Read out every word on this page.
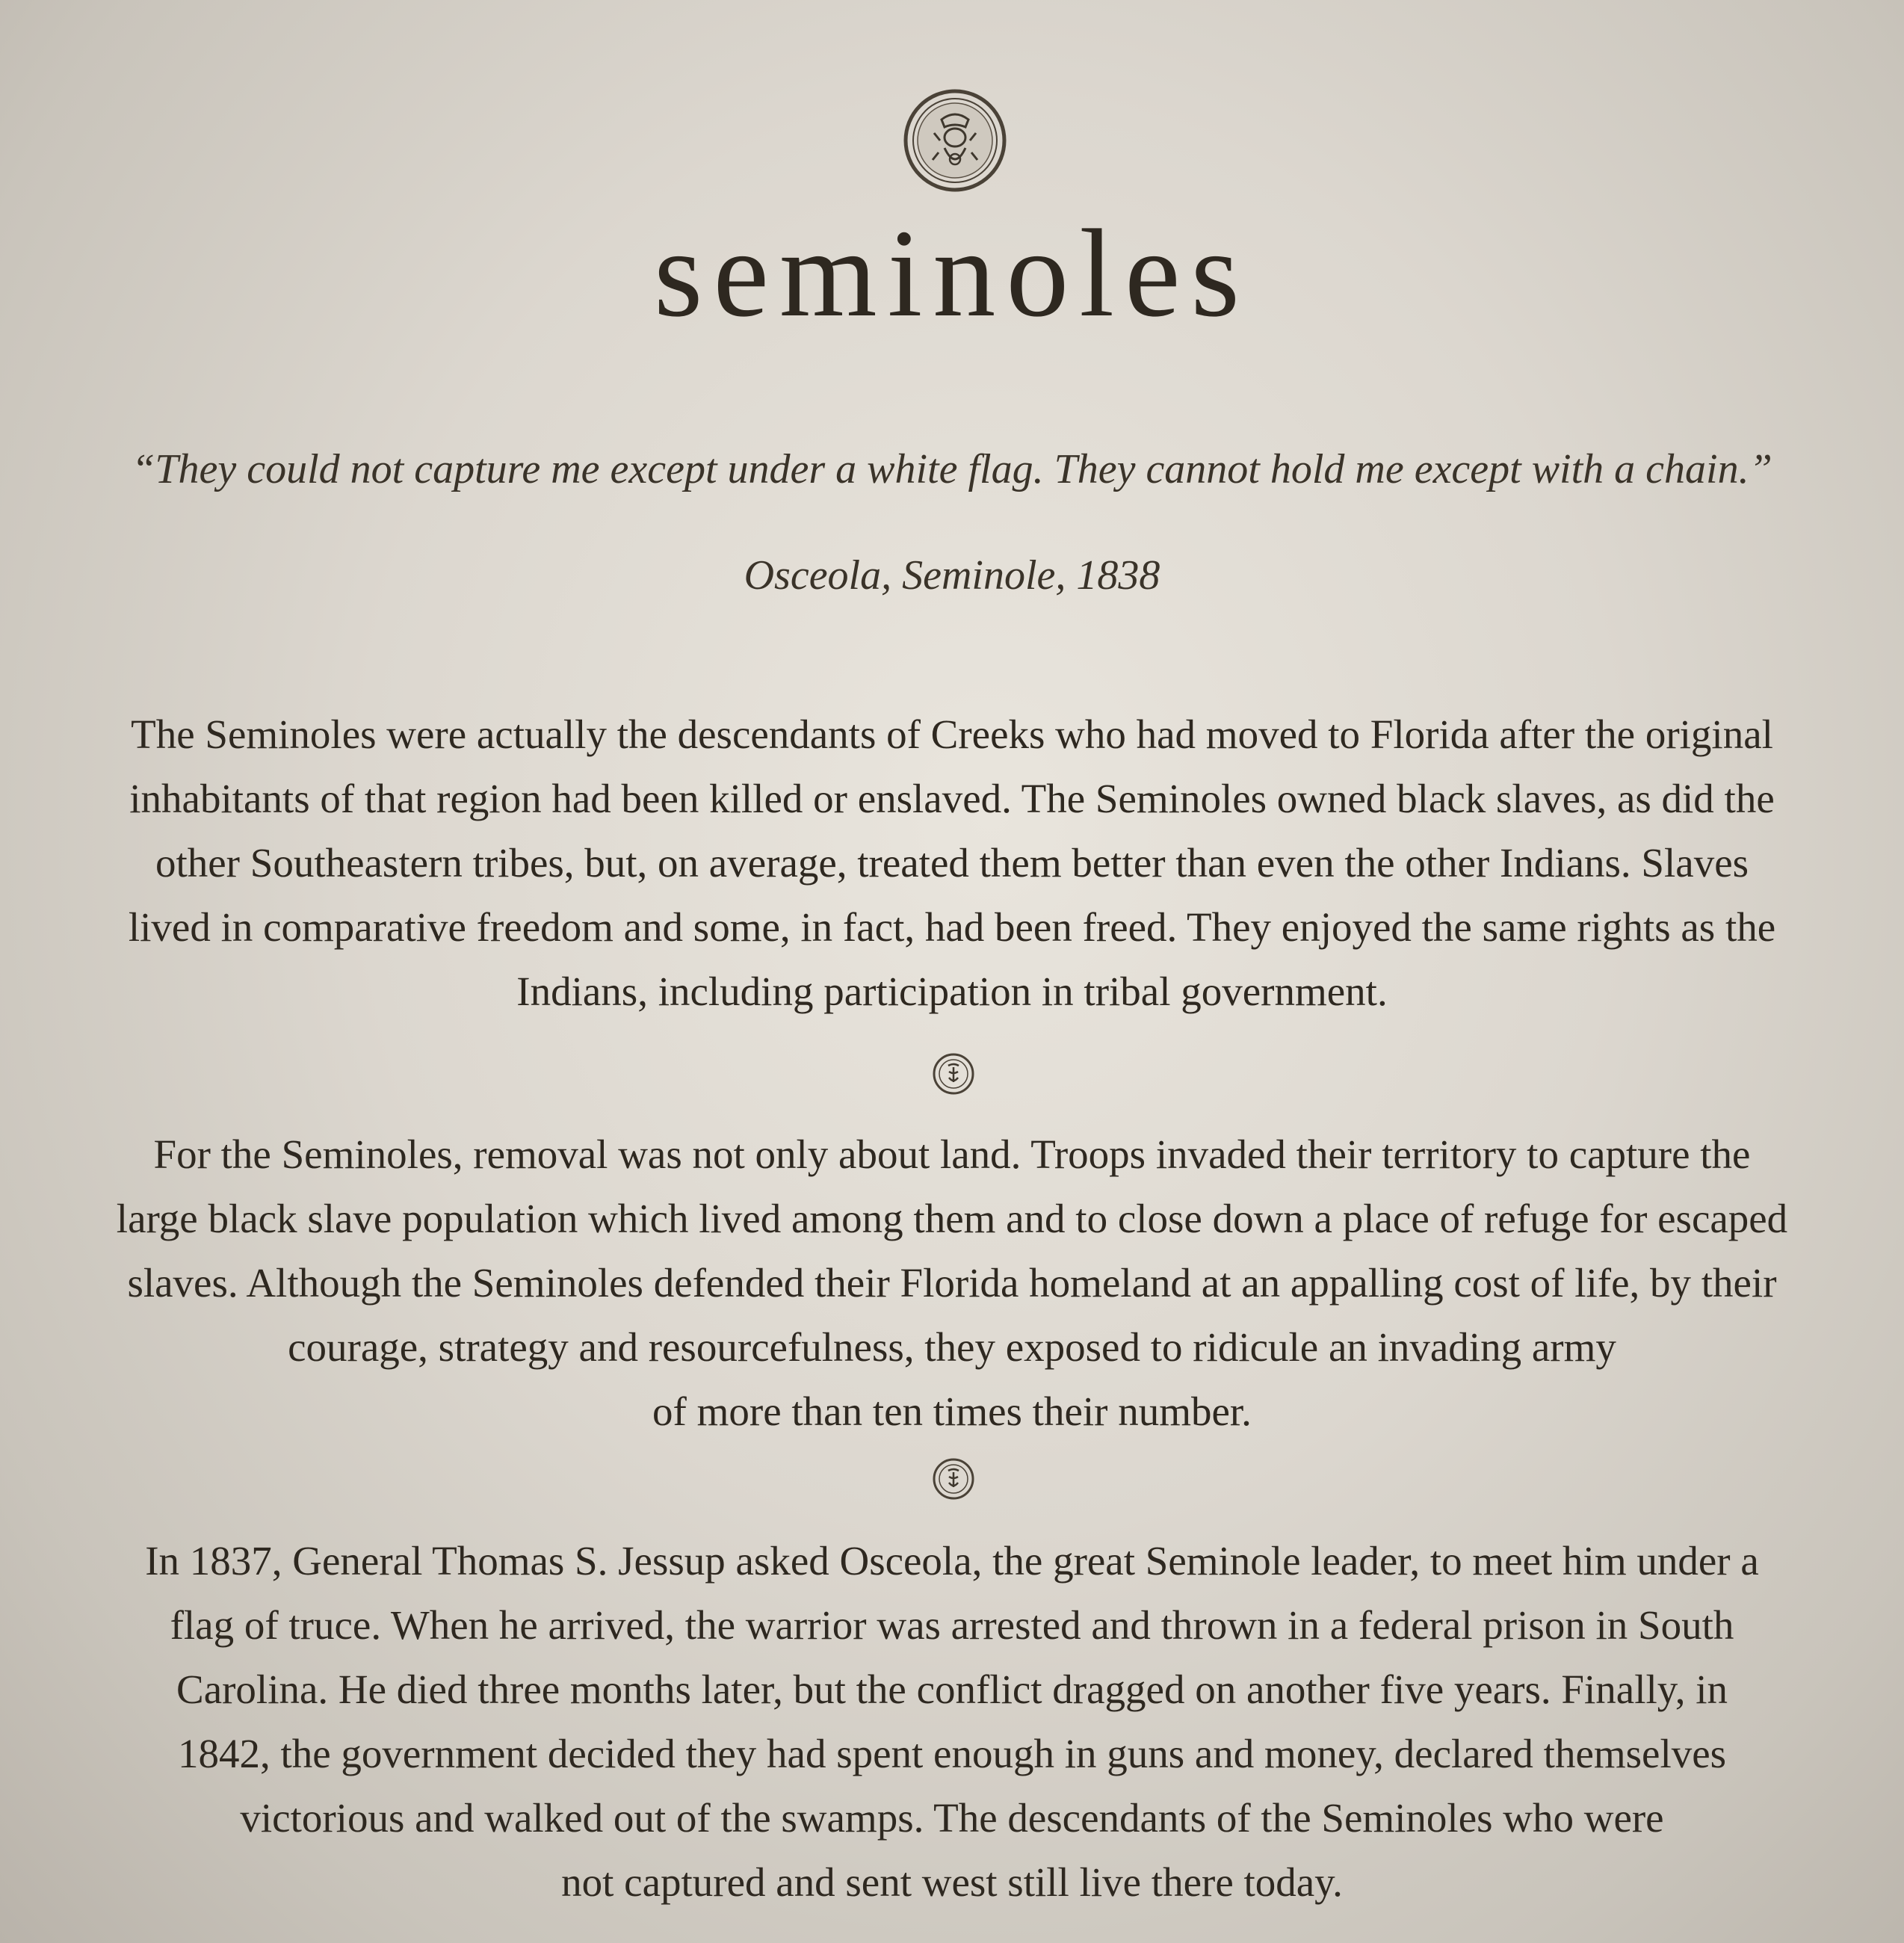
seminoles
“They could not capture me except under a white flag. They cannot hold me except with a chain.”
Osceola, Seminole, 1838
The Seminoles were actually the descendants of Creeks who had moved to Florida after the original
inhabitants of that region had been killed or enslaved. The Seminoles owned black slaves, as did the
other Southeastern tribes, but, on average, treated them better than even the other Indians. Slaves
lived in comparative freedom and some, in fact, had been freed. They enjoyed the same rights as the
Indians, including participation in tribal government.
For the Seminoles, removal was not only about land. Troops invaded their territory to capture the
large black slave population which lived among them and to close down a place of refuge for escaped
slaves. Although the Seminoles defended their Florida homeland at an appalling cost of life, by their
courage, strategy and resourcefulness, they exposed to ridicule an invading army
of more than ten times their number.
In 1837, General Thomas S. Jessup asked Osceola, the great Seminole leader, to meet him under a
flag of truce. When he arrived, the warrior was arrested and thrown in a federal prison in South
Carolina. He died three months later, but the conflict dragged on another five years. Finally, in
1842, the government decided they had spent enough in guns and money, declared themselves
victorious and walked out of the swamps. The descendants of the Seminoles who were
not captured and sent west still live there today.
